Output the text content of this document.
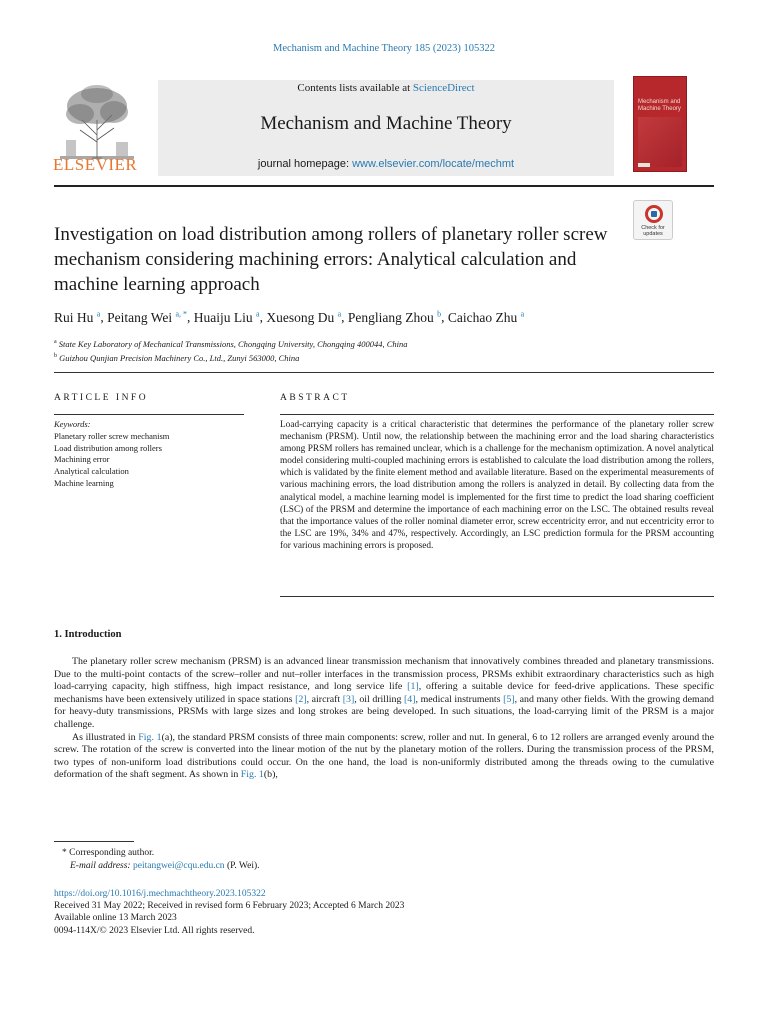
Mechanism and Machine Theory 185 (2023) 105322
ELSEVIER
Contents lists available at ScienceDirect
Mechanism and Machine Theory
journal homepage: www.elsevier.com/locate/mechmt
Mechanism and Machine Theory
Check for updates
Investigation on load distribution among rollers of planetary roller screw mechanism considering machining errors: Analytical calculation and machine learning approach
Rui Hu $^a$, Peitang Wei $^{a, *}$, Huaiju Liu $^a$, Xuesong Du $^a$, Pengliang Zhou $^b$, Caichao Zhu $^a$
$^a$ State Key Laboratory of Mechanical Transmissions, Chongqing University, Chongqing 400044, China
$^b$ Guizhou Qunjian Precision Machinery Co., Ltd., Zunyi 563000, China
ARTICLE INFO
Keywords:
Planetary roller screw mechanism
Load distribution among rollers
Machining error
Analytical calculation
Machine learning
ABSTRACT
Load-carrying capacity is a critical characteristic that determines the performance of the planetary roller screw mechanism (PRSM). Until now, the relationship between the machining error and the load sharing characteristics among PRSM rollers has remained unclear, which is a challenge for the mechanism optimization. A novel analytical model considering multi-coupled machining errors is established to calculate the load distribution among the rollers, which is validated by the finite element method and available literature. Based on the experimental measurements of various machining errors, the load distribution among the rollers is analyzed in detail. By collecting data from the analytical model, a machine learning model is implemented for the first time to predict the load sharing coefficient (LSC) of the PRSM and determine the importance of each machining error on the LSC. The obtained results reveal that the importance values of the roller nominal diameter error, screw eccentricity error, and nut eccentricity error to the LSC are 19%, 34% and 47%, respectively. Accordingly, an LSC prediction formula for the PRSM accounting for various machining errors is proposed.
1. Introduction

The planetary roller screw mechanism (PRSM) is an advanced linear transmission mechanism that innovatively combines threaded and planetary transmissions. Due to the multi-point contacts of the screw–roller and nut–roller interfaces in the transmission process, PRSMs exhibit extraordinary characteristics such as high load-carrying capacity, high stiffness, high impact resistance, and long service life [1], offering a suitable device for feed-drive applications. These specific mechanisms have been extensively utilized in space stations [2], aircraft [3], oil drilling [4], medical instruments [5], and many other fields. With the growing demand for heavy-duty transmissions, PRSMs with large sizes and long strokes are being developed. In such situations, the load-carrying limit of the PRSM is a major challenge.

As illustrated in Fig. 1(a), the standard PRSM consists of three main components: screw, roller and nut. In general, 6 to 12 rollers are arranged evenly around the screw. The rotation of the screw is converted into the linear motion of the nut by the planetary motion of the rollers. During the transmission process of the PRSM, two types of non-uniform load distributions could occur. On the one hand, the load is non-uniformly distributed among the threads owing to the cumulative deformation of the shaft segment. As shown in Fig. 1(b),

* Corresponding author.
E-mail address: peitangwei@cqu.edu.cn (P. Wei).
https://doi.org/10.1016/j.mechmachtheory.2023.105322
Received 31 May 2022; Received in revised form 6 February 2023; Accepted 6 March 2023
Available online 13 March 2023
0094-114X/© 2023 Elsevier Ltd. All rights reserved.
